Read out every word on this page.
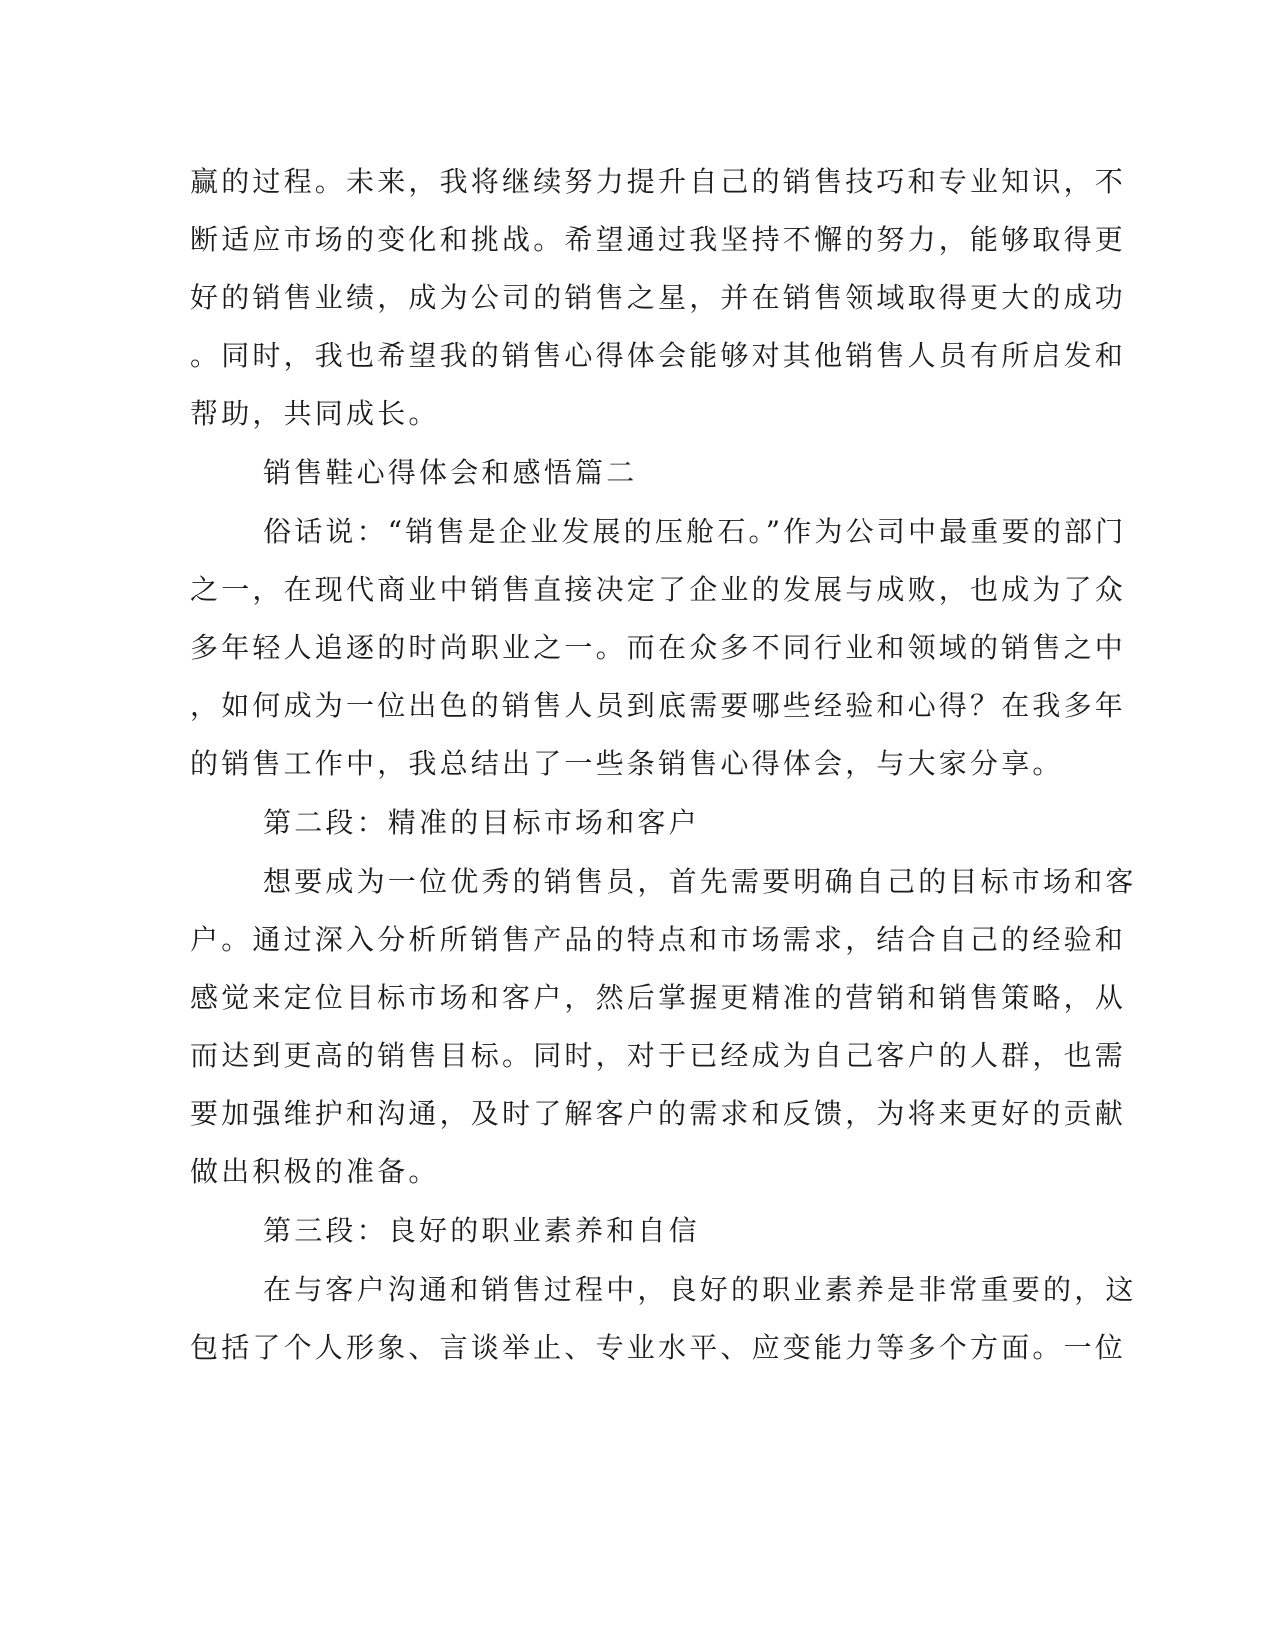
赢的过程。未来，我将继续努力提升自己的销售技巧和专业知识，不
断适应市场的变化和挑战。希望通过我坚持不懈的努力，能够取得更
好的销售业绩，成为公司的销售之星，并在销售领域取得更大的成功
。同时，我也希望我的销售心得体会能够对其他销售人员有所启发和
帮助，共同成长。
销售鞋心得体会和感悟篇二
俗话说：“销售是企业发展的压舱石。”作为公司中最重要的部门
之一，在现代商业中销售直接决定了企业的发展与成败，也成为了众
多年轻人追逐的时尚职业之一。而在众多不同行业和领域的销售之中
，如何成为一位出色的销售人员到底需要哪些经验和心得？在我多年
的销售工作中，我总结出了一些条销售心得体会，与大家分享。
第二段：精准的目标市场和客户
想要成为一位优秀的销售员，首先需要明确自己的目标市场和客
户。通过深入分析所销售产品的特点和市场需求，结合自己的经验和
感觉来定位目标市场和客户，然后掌握更精准的营销和销售策略，从
而达到更高的销售目标。同时，对于已经成为自己客户的人群，也需
要加强维护和沟通，及时了解客户的需求和反馈，为将来更好的贡献
做出积极的准备。
第三段：良好的职业素养和自信
在与客户沟通和销售过程中，良好的职业素养是非常重要的，这
包括了个人形象、言谈举止、专业水平、应变能力等多个方面。一位
